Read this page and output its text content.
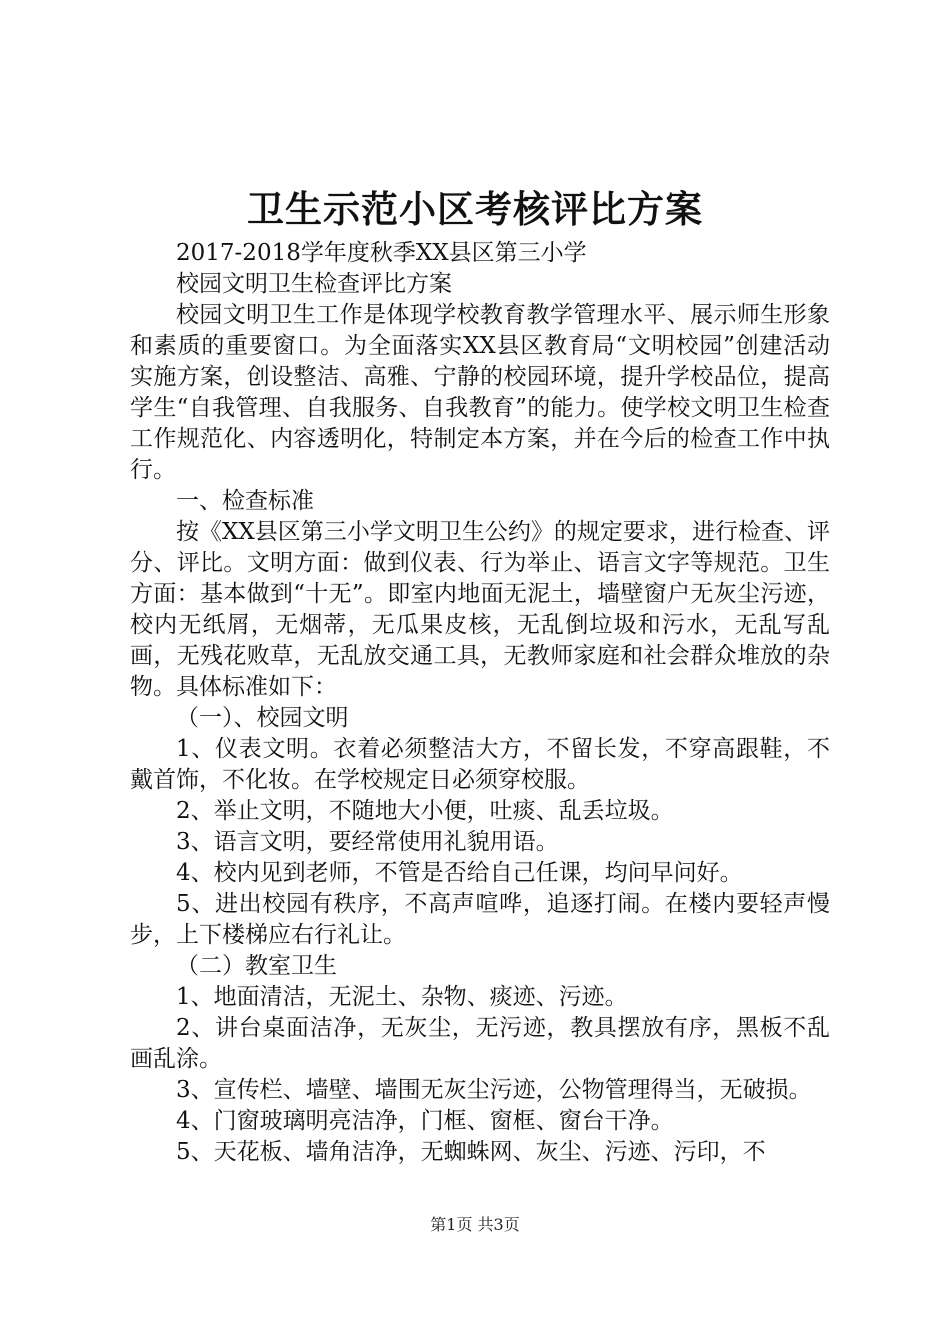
卫生示范小区考核评比方案

2017-2018学年度秋季XX县区第三小学

校园文明卫生检查评比方案

校园文明卫生工作是体现学校教育教学管理水平、展示师生形象和素质的重要窗口。为全面落实XX县区教育局“文明校园”创建活动实施方案，创设整洁、高雅、宁静的校园环境，提升学校品位，提高学生“自我管理、自我服务、自我教育”的能力。使学校文明卫生检查工作规范化、内容透明化，特制定本方案，并在今后的检查工作中执行。

一、检查标准

按《XX县区第三小学文明卫生公约》的规定要求，进行检查、评分、评比。文明方面：做到仪表、行为举止、语言文字等规范。卫生方面：基本做到“十无”。即室内地面无泥土，墙壁窗户无灰尘污迹，校内无纸屑，无烟蒂，无瓜果皮核，无乱倒垃圾和污水，无乱写乱画，无残花败草，无乱放交通工具，无教师家庭和社会群众堆放的杂物。具体标准如下：

（一）、校园文明

1、仪表文明。衣着必须整洁大方，不留长发，不穿高跟鞋，不戴首饰，不化妆。在学校规定日必须穿校服。

2、举止文明，不随地大小便，吐痰、乱丢垃圾。

3、语言文明，要经常使用礼貌用语。

4、校内见到老师，不管是否给自己任课，均问早问好。

5、进出校园有秩序，不高声喧哗，追逐打闹。在楼内要轻声慢步，上下楼梯应右行礼让。

（二）教室卫生

1、地面清洁，无泥土、杂物、痰迹、污迹。

2、讲台桌面洁净，无灰尘，无污迹，教具摆放有序，黑板不乱画乱涂。

3、宣传栏、墙壁、墙围无灰尘污迹，公物管理得当，无破损。

4、门窗玻璃明亮洁净，门框、窗框、窗台干净。

5、天花板、墙角洁净，无蜘蛛网、灰尘、污迹、污印，不

第1页 共3页
